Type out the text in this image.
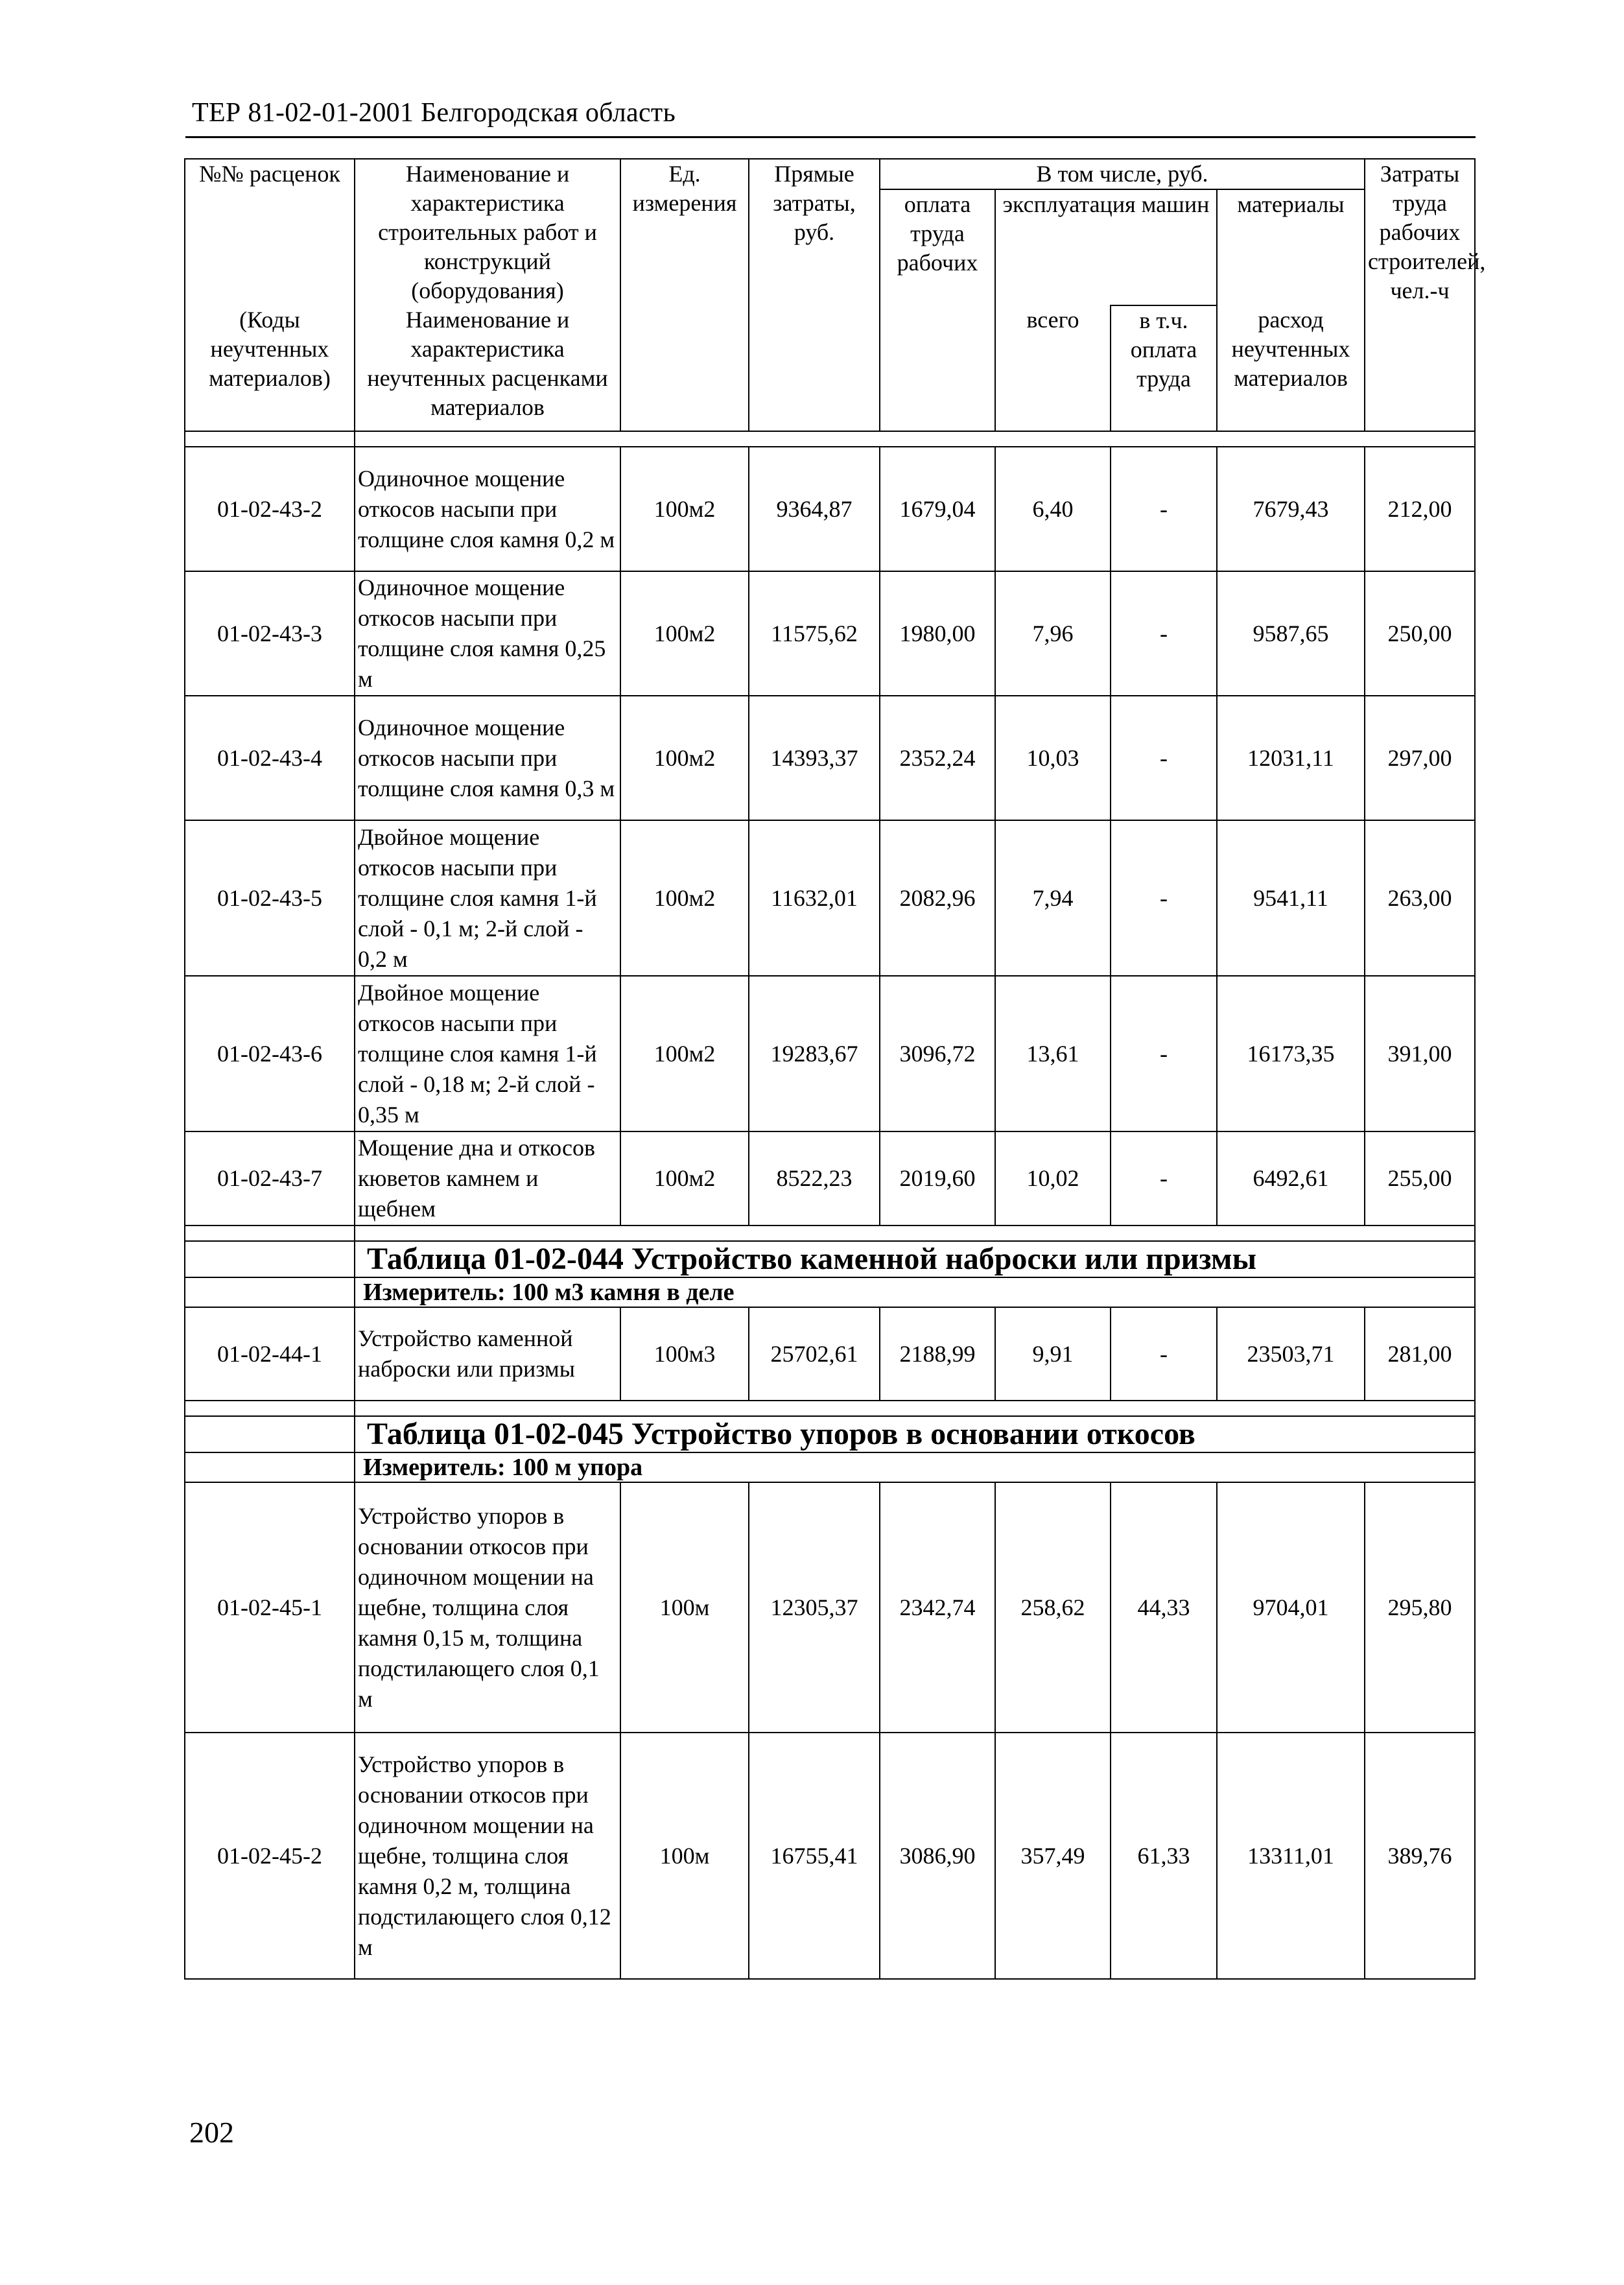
ТЕР 81-02-01-2001 Белгородская область
№№ расценок	Наименование и характеристика строительных работ и конструкций (оборудования)	Ед. измерения	Прямые затраты, руб.	В том числе, руб.				Затраты труда рабочих строителей, чел.-ч
				оплата труда рабочих	эксплуатация машин		материалы	

(Коды неучтенных материалов)	Наименование и характеристика неучтенных расценками материалов				всего	в т.ч. оплата труда	расход неучтенных материалов	

01-02-43-2	Одиночное мощение откосов насыпи при толщине слоя камня 0,2 м	100м2	9364,87	1679,04	6,40	-	7679,43	212,00
01-02-43-3	Одиночное мощение откосов насыпи при толщине слоя камня 0,25 м	100м2	11575,62	1980,00	7,96	-	9587,65	250,00
01-02-43-4	Одиночное мощение откосов насыпи при толщине слоя камня 0,3 м	100м2	14393,37	2352,24	10,03	-	12031,11	297,00
01-02-43-5	Двойное мощение откосов насыпи при толщине слоя камня 1-й слой - 0,1 м; 2-й слой - 0,2 м	100м2	11632,01	2082,96	7,94	-	9541,11	263,00
01-02-43-6	Двойное мощение откосов насыпи при толщине слоя камня 1-й слой - 0,18 м; 2-й слой - 0,35 м	100м2	19283,67	3096,72	13,61	-	16173,35	391,00
01-02-43-7	Мощение дна и откосов кюветов камнем и щебнем	100м2	8522,23	2019,60	10,02	-	6492,61	255,00

	Таблица 01-02-044 Устройство каменной наброски или призмы							
	Измеритель: 100 м3 камня в деле							
01-02-44-1	Устройство каменной наброски или призмы	100м3	25702,61	2188,99	9,91	-	23503,71	281,00

	Таблица 01-02-045 Устройство упоров в основании откосов							
	Измеритель: 100 м упора							
01-02-45-1	Устройство упоров в основании откосов при одиночном мощении на щебне, толщина слоя камня 0,15 м, толщина подстилающего слоя 0,1 м	100м	12305,37	2342,74	258,62	44,33	9704,01	295,80
01-02-45-2	Устройство упоров в основании откосов при одиночном мощении на щебне, толщина слоя камня 0,2 м, толщина подстилающего слоя 0,12 м	100м	16755,41	3086,90	357,49	61,33	13311,01	389,76
202
